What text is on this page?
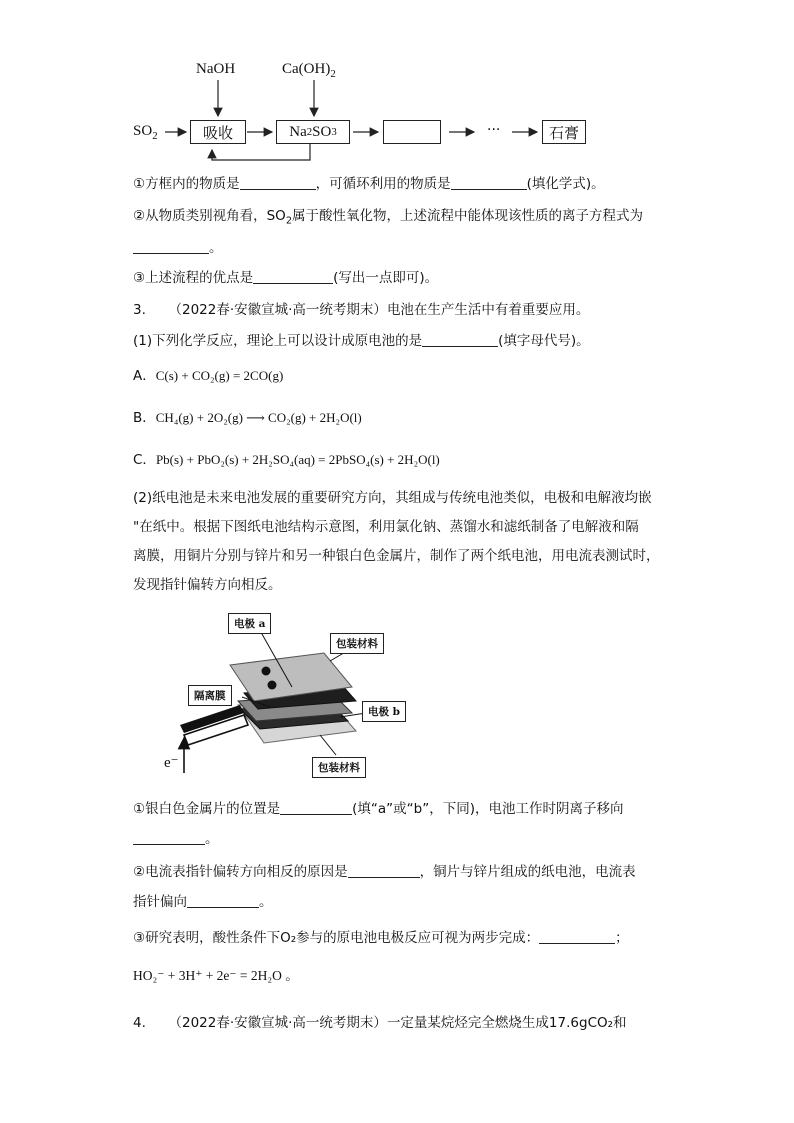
NaOH	$Ca(OH)_2$
$SO_2$	吸收	Na 2 SO 3	···	石膏
①方框内的物质是	，可循环利用的物质是	(填化学式)。
②从物质类别视角看，$SO_2$属于酸性氧化物，上述流程中能体现该性质的离子方程式为
。
③上述流程的优点是	(写出一点即可)。
3. （2022春·安徽宣城·高一统考期末）电池在生产生活中有着重要应用。
(1)下列化学反应，理论上可以设计成原电池的是	(填字母代号)。
A．C(s) + CO₂(g) = 2CO(g)
B．CH₄(g) + 2O₂(g) ⟶ CO₂(g) + 2H₂O(l)
C．Pb(s) + PbO₂(s) + 2H₂SO₄(aq) = 2PbSO₄(s) + 2H₂O(l)
(2)纸电池是未来电池发展的重要研究方向，其组成与传统电池类似，电极和电解液均嵌
"在纸中。根据下图纸电池结构示意图，利用氯化钠、蒸馏水和滤纸制备了电解液和隔
离膜，用铜片分别与锌片和另一种银白色金属片，制作了两个纸电池，用电流表测试时，
发现指针偏转方向相反。
电极 a
包装材料
隔离膜
电极 b
包装材料
e⁻
①银白色金属片的位置是	(填“a”或“b”，下同)，电池工作时阴离子移向
。
②电流表指针偏转方向相反的原因是	，铜片与锌片组成的纸电池，电流表
指针偏向	。
③研究表明，酸性条件下O₂参与的原电池电极反应可视为两步完成：	；
HO₂⁻ + 3H⁺ + 2e⁻ = 2H₂O 。
4. （2022春·安徽宣城·高一统考期末）一定量某烷烃完全燃烧生成17.6gCO₂和
